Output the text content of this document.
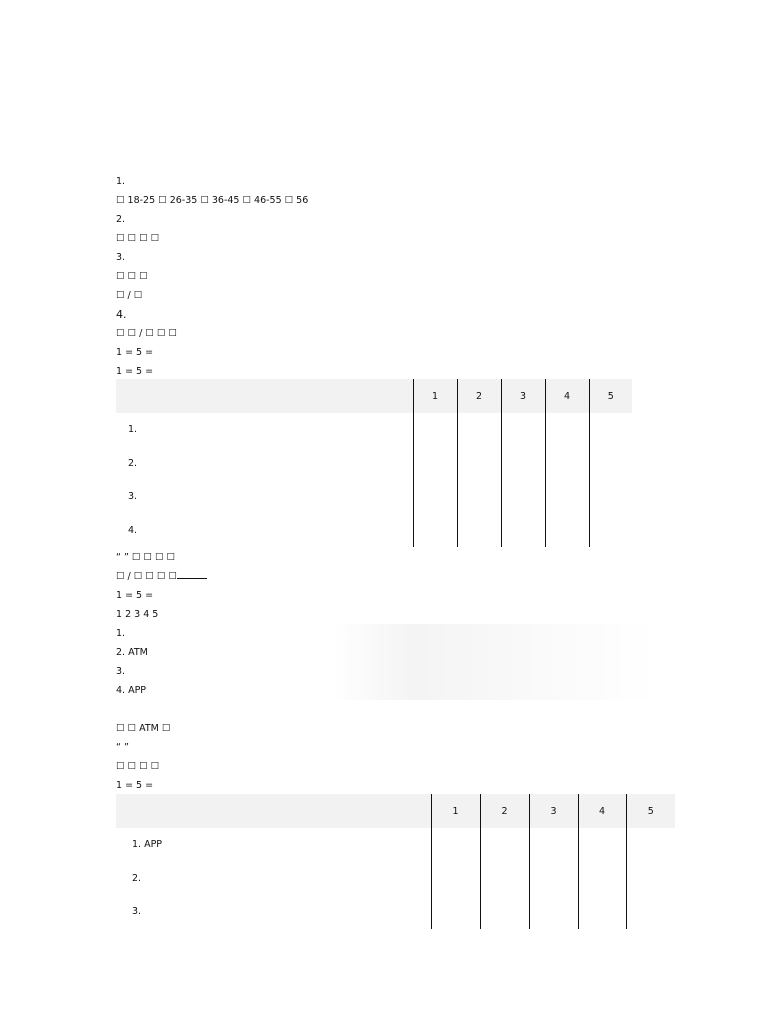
1.
☐ 18-25 ☐ 26-35 ☐ 36-45 ☐ 46-55 ☐ 56
2.
☐ ☐ ☐ ☐
3.
☐ ☐ ☐
☐ / ☐
4.
☐ ☐ / ☐ ☐ ☐
1 = 5 =
1 = 5 =
	1	2	3	4	5
1.					
2.					
3.					
4.					
“ ” ☐ ☐ ☐ ☐
☐ / ☐ ☐ ☐ ☐
1 = 5 =
1 2 3 4 5
1.
2. ATM
3.
4. APP
☐ ☐ ATM ☐
“ ”
☐ ☐ ☐ ☐
1 = 5 =
	1	2	3	4	5
1. APP					
2.					
3.					
